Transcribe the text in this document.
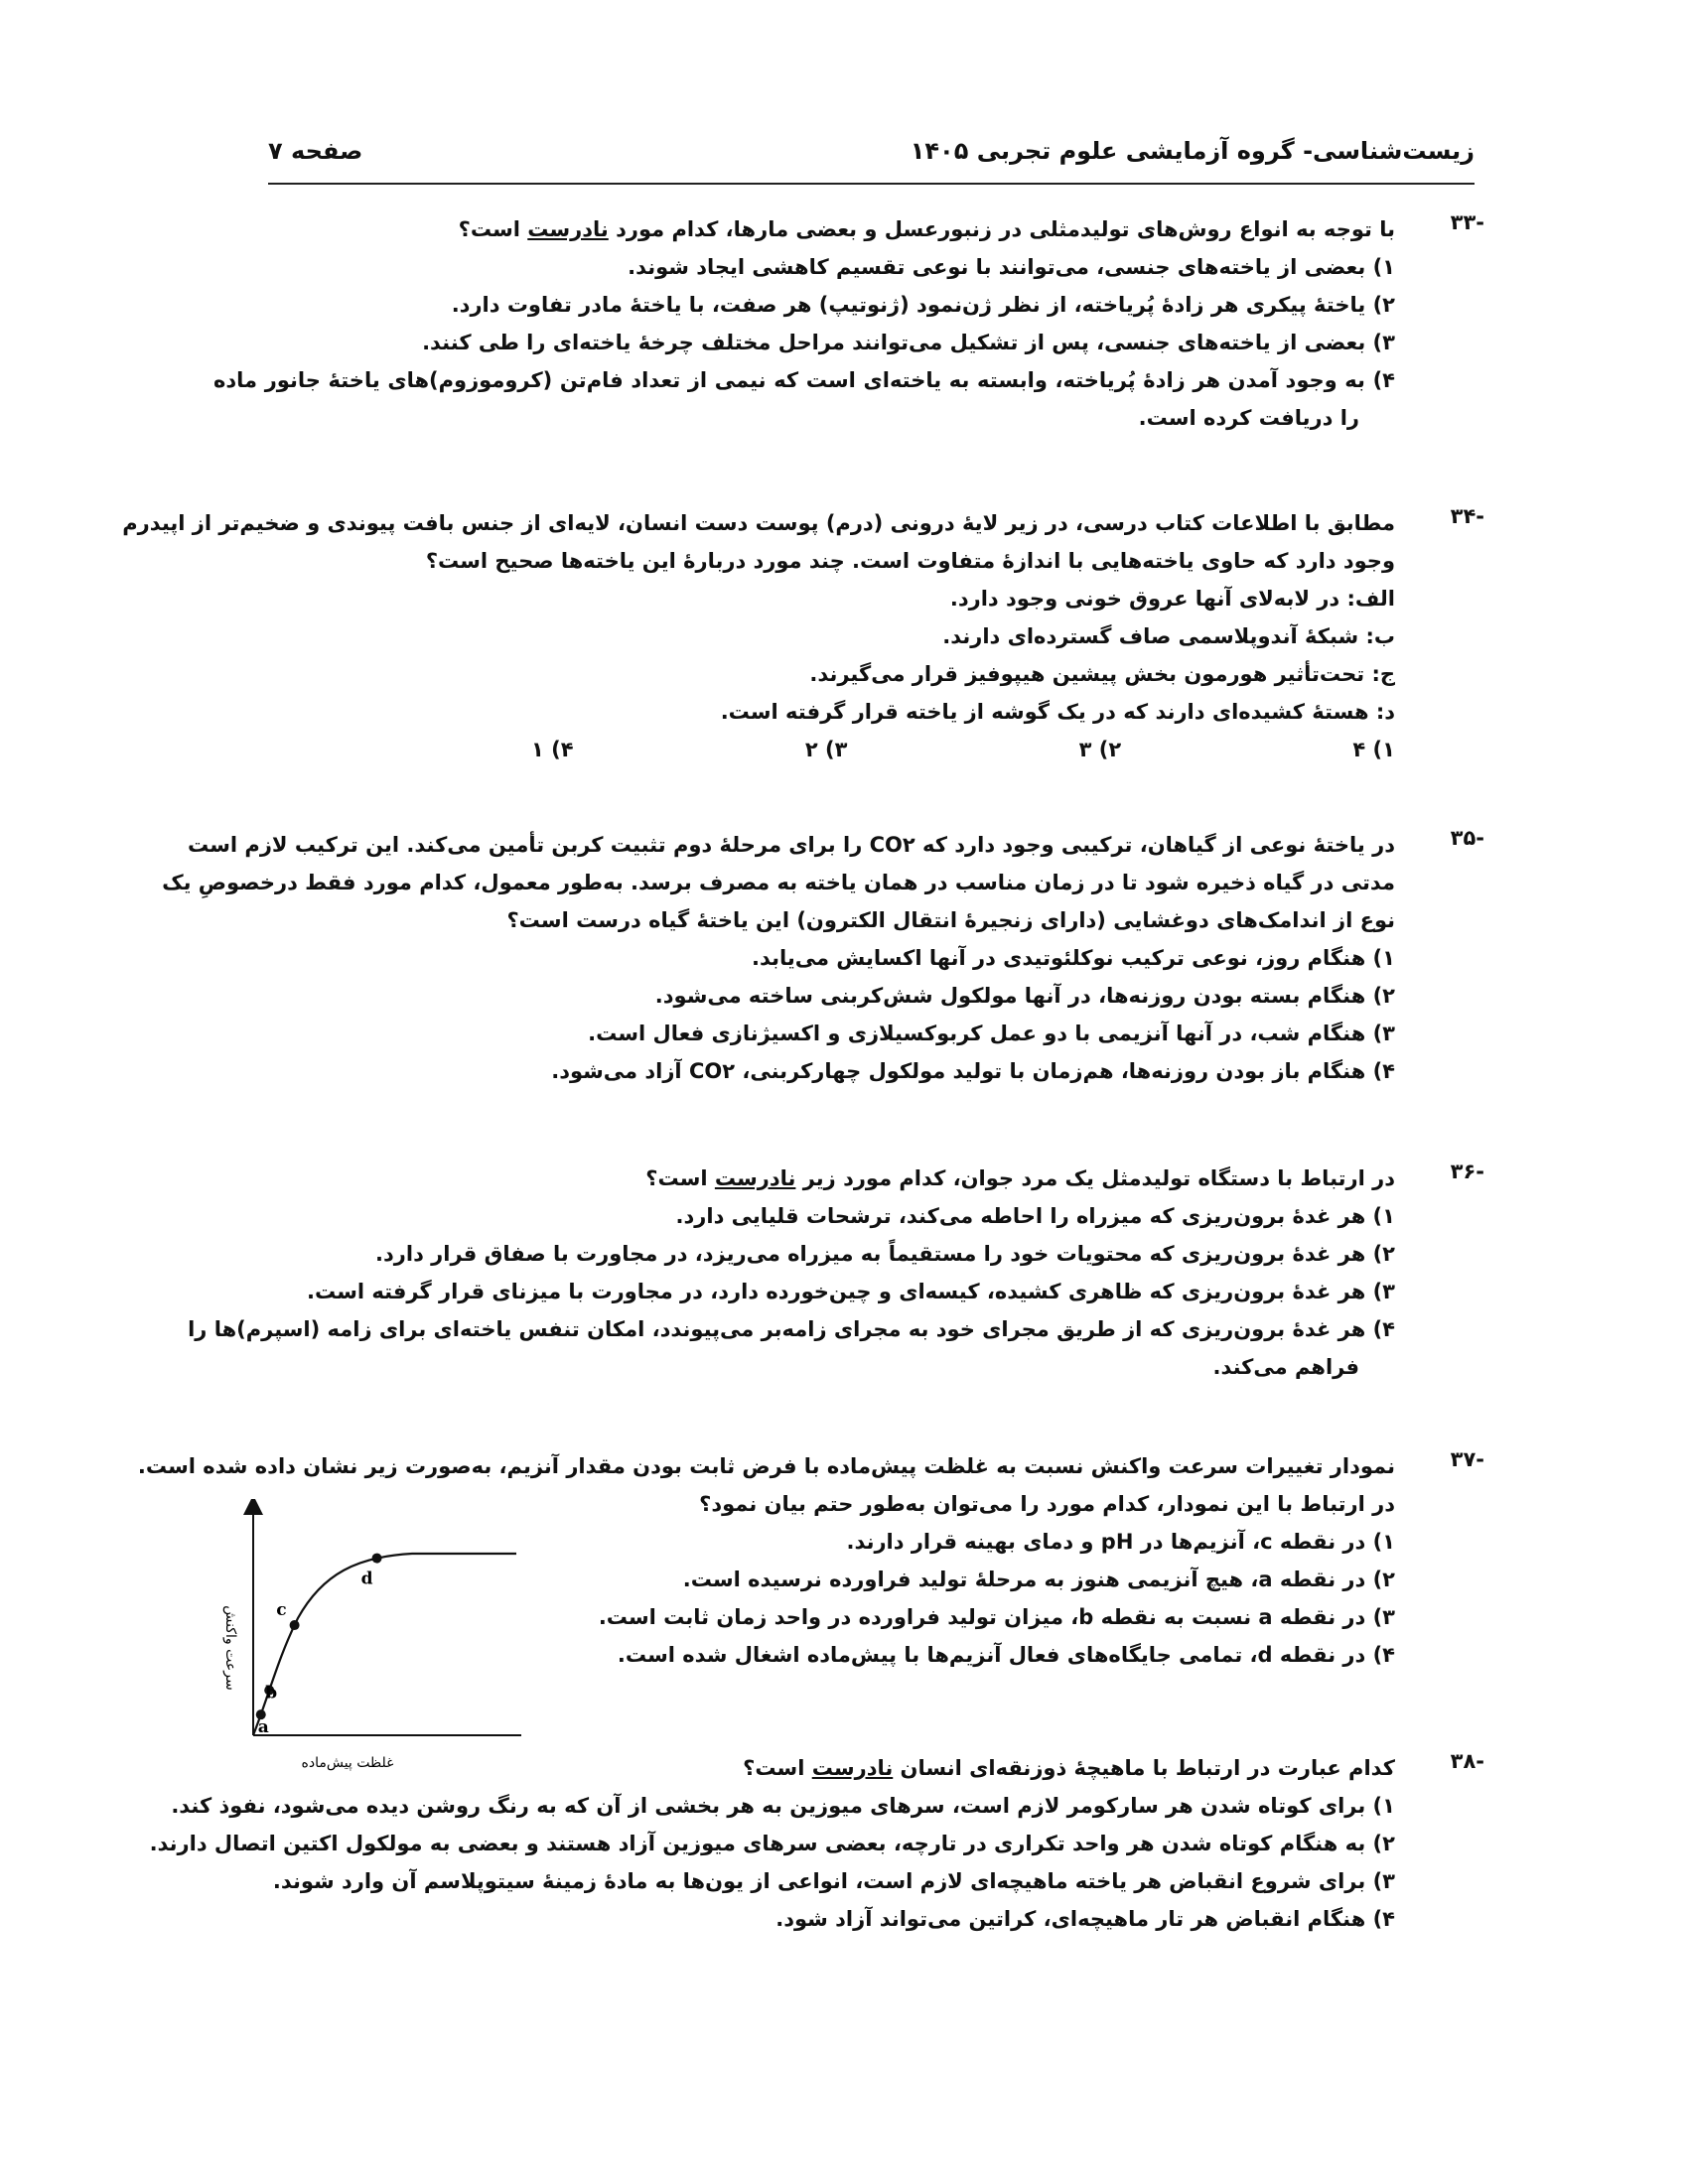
زیست‌شناسی- گروه آزمایشی علوم تجربی ۱۴۰۵
صفحه ۷
-۳۳
با توجه به انواع روش‌های تولیدمثلی در زنبورعسل و بعضی مارها، کدام مورد نادرست است؟
۱) بعضی از یاخته‌های جنسی، می‌توانند با نوعی تقسیم کاهشی ایجاد شوند.
۲) یاختهٔ پیکری هر زادهٔ پُریاخته، از نظر ژن‌نمود (ژنوتیپ) هر صفت، با یاختهٔ مادر تفاوت دارد.
۳) بعضی از یاخته‌های جنسی، پس از تشکیل می‌توانند مراحل مختلف چرخهٔ یاخته‌ای را طی کنند.
۴) به وجود آمدن هر زادهٔ پُریاخته، وابسته به یاخته‌ای است که نیمی از تعداد فام‌تن (کروموزوم)های یاختهٔ جانور ماده
را دریافت کرده است.
-۳۴
مطابق با اطلاعات کتاب درسی، در زیر لایهٔ درونی (درم) پوست دست انسان، لایه‌ای از جنس بافت پیوندی و ضخیم‌تر از اپیدرم
وجود دارد که حاوی یاخته‌هایی با اندازهٔ متفاوت است. چند مورد دربارهٔ این یاخته‌ها صحیح است؟
الف: در لابه‌لای آنها عروق خونی وجود دارد.
ب: شبکهٔ آندوپلاسمی صاف گسترده‌ای دارند.
ج: تحت‌تأثیر هورمون بخش پیشین هیپوفیز قرار می‌گیرند.
د: هستهٔ کشیده‌ای دارند که در یک گوشه از یاخته قرار گرفته است.
۱) ۴
۲) ۳
۳) ۲
۴) ۱
-۳۵
در یاختهٔ نوعی از گیاهان، ترکیبی وجود دارد که CO۲ را برای مرحلهٔ دوم تثبیت کربن تأمین می‌کند. این ترکیب لازم است
مدتی در گیاه ذخیره شود تا در زمان مناسب در همان یاخته به مصرف برسد. به‌طور معمول، کدام مورد فقط درخصوصِ یک
نوع از اندامک‌های دوغشایی (دارای زنجیرهٔ انتقال الکترون) این یاختهٔ گیاه درست است؟
۱) هنگام روز، نوعی ترکیب نوکلئوتیدی در آنها اکسایش می‌یابد.
۲) هنگام بسته بودن روزنه‌ها، در آنها مولکول شش‌کربنی ساخته می‌شود.
۳) هنگام شب، در آنها آنزیمی با دو عمل کربوکسیلازی و اکسیژنازی فعال است.
۴) هنگام باز بودن روزنه‌ها، هم‌زمان با تولید مولکول چهارکربنی، CO۲ آزاد می‌شود.
-۳۶
در ارتباط با دستگاه تولیدمثل یک مرد جوان، کدام مورد زیر نادرست است؟
۱) هر غدهٔ برون‌ریزی که میزراه را احاطه می‌کند، ترشحات قلیایی دارد.
۲) هر غدهٔ برون‌ریزی که محتویات خود را مستقیماً به میزراه می‌ریزد، در مجاورت با صفاق قرار دارد.
۳) هر غدهٔ برون‌ریزی که ظاهری کشیده، کیسه‌ای و چین‌خورده دارد، در مجاورت با میزنای قرار گرفته است.
۴) هر غدهٔ برون‌ریزی که از طریق مجرای خود به مجرای زامه‌بر می‌پیوندد، امکان تنفس یاخته‌ای برای زامه (اسپرم)ها را
فراهم می‌کند.
-۳۷
نمودار تغییرات سرعت واکنش نسبت به غلظت پیش‌ماده با فرض ثابت بودن مقدار آنزیم، به‌صورت زیر نشان داده شده است.
در ارتباط با این نمودار، کدام مورد را می‌توان به‌طور حتم بیان نمود؟
۱) در نقطه c، آنزیم‌ها در pH و دمای بهینه قرار دارند.
۲) در نقطه a، هیچ آنزیمی هنوز به مرحلهٔ تولید فراورده نرسیده است.
۳) در نقطه a نسبت به نقطه b، میزان تولید فراورده در واحد زمان ثابت است.
۴) در نقطه d، تمامی جایگاه‌های فعال آنزیم‌ها با پیش‌ماده اشغال شده است.
a
b
c
d
غلظت پیش‌ماده
سرعت واکنش
-۳۸
کدام عبارت در ارتباط با ماهیچهٔ ذوزنقه‌ای انسان نادرست است؟
۱) برای کوتاه شدن هر سارکومر لازم است، سرهای میوزین به هر بخشی از آن که به رنگ روشن دیده می‌شود، نفوذ کند.
۲) به هنگام کوتاه شدن هر واحد تکراری در تارچه، بعضی سرهای میوزین آزاد هستند و بعضی به مولکول اکتین اتصال دارند.
۳) برای شروع انقباض هر یاخته ماهیچه‌ای لازم است، انواعی از یون‌ها به مادهٔ زمینهٔ سیتوپلاسم آن وارد شوند.
۴) هنگام انقباض هر تار ماهیچه‌ای، کراتین می‌تواند آزاد شود.
